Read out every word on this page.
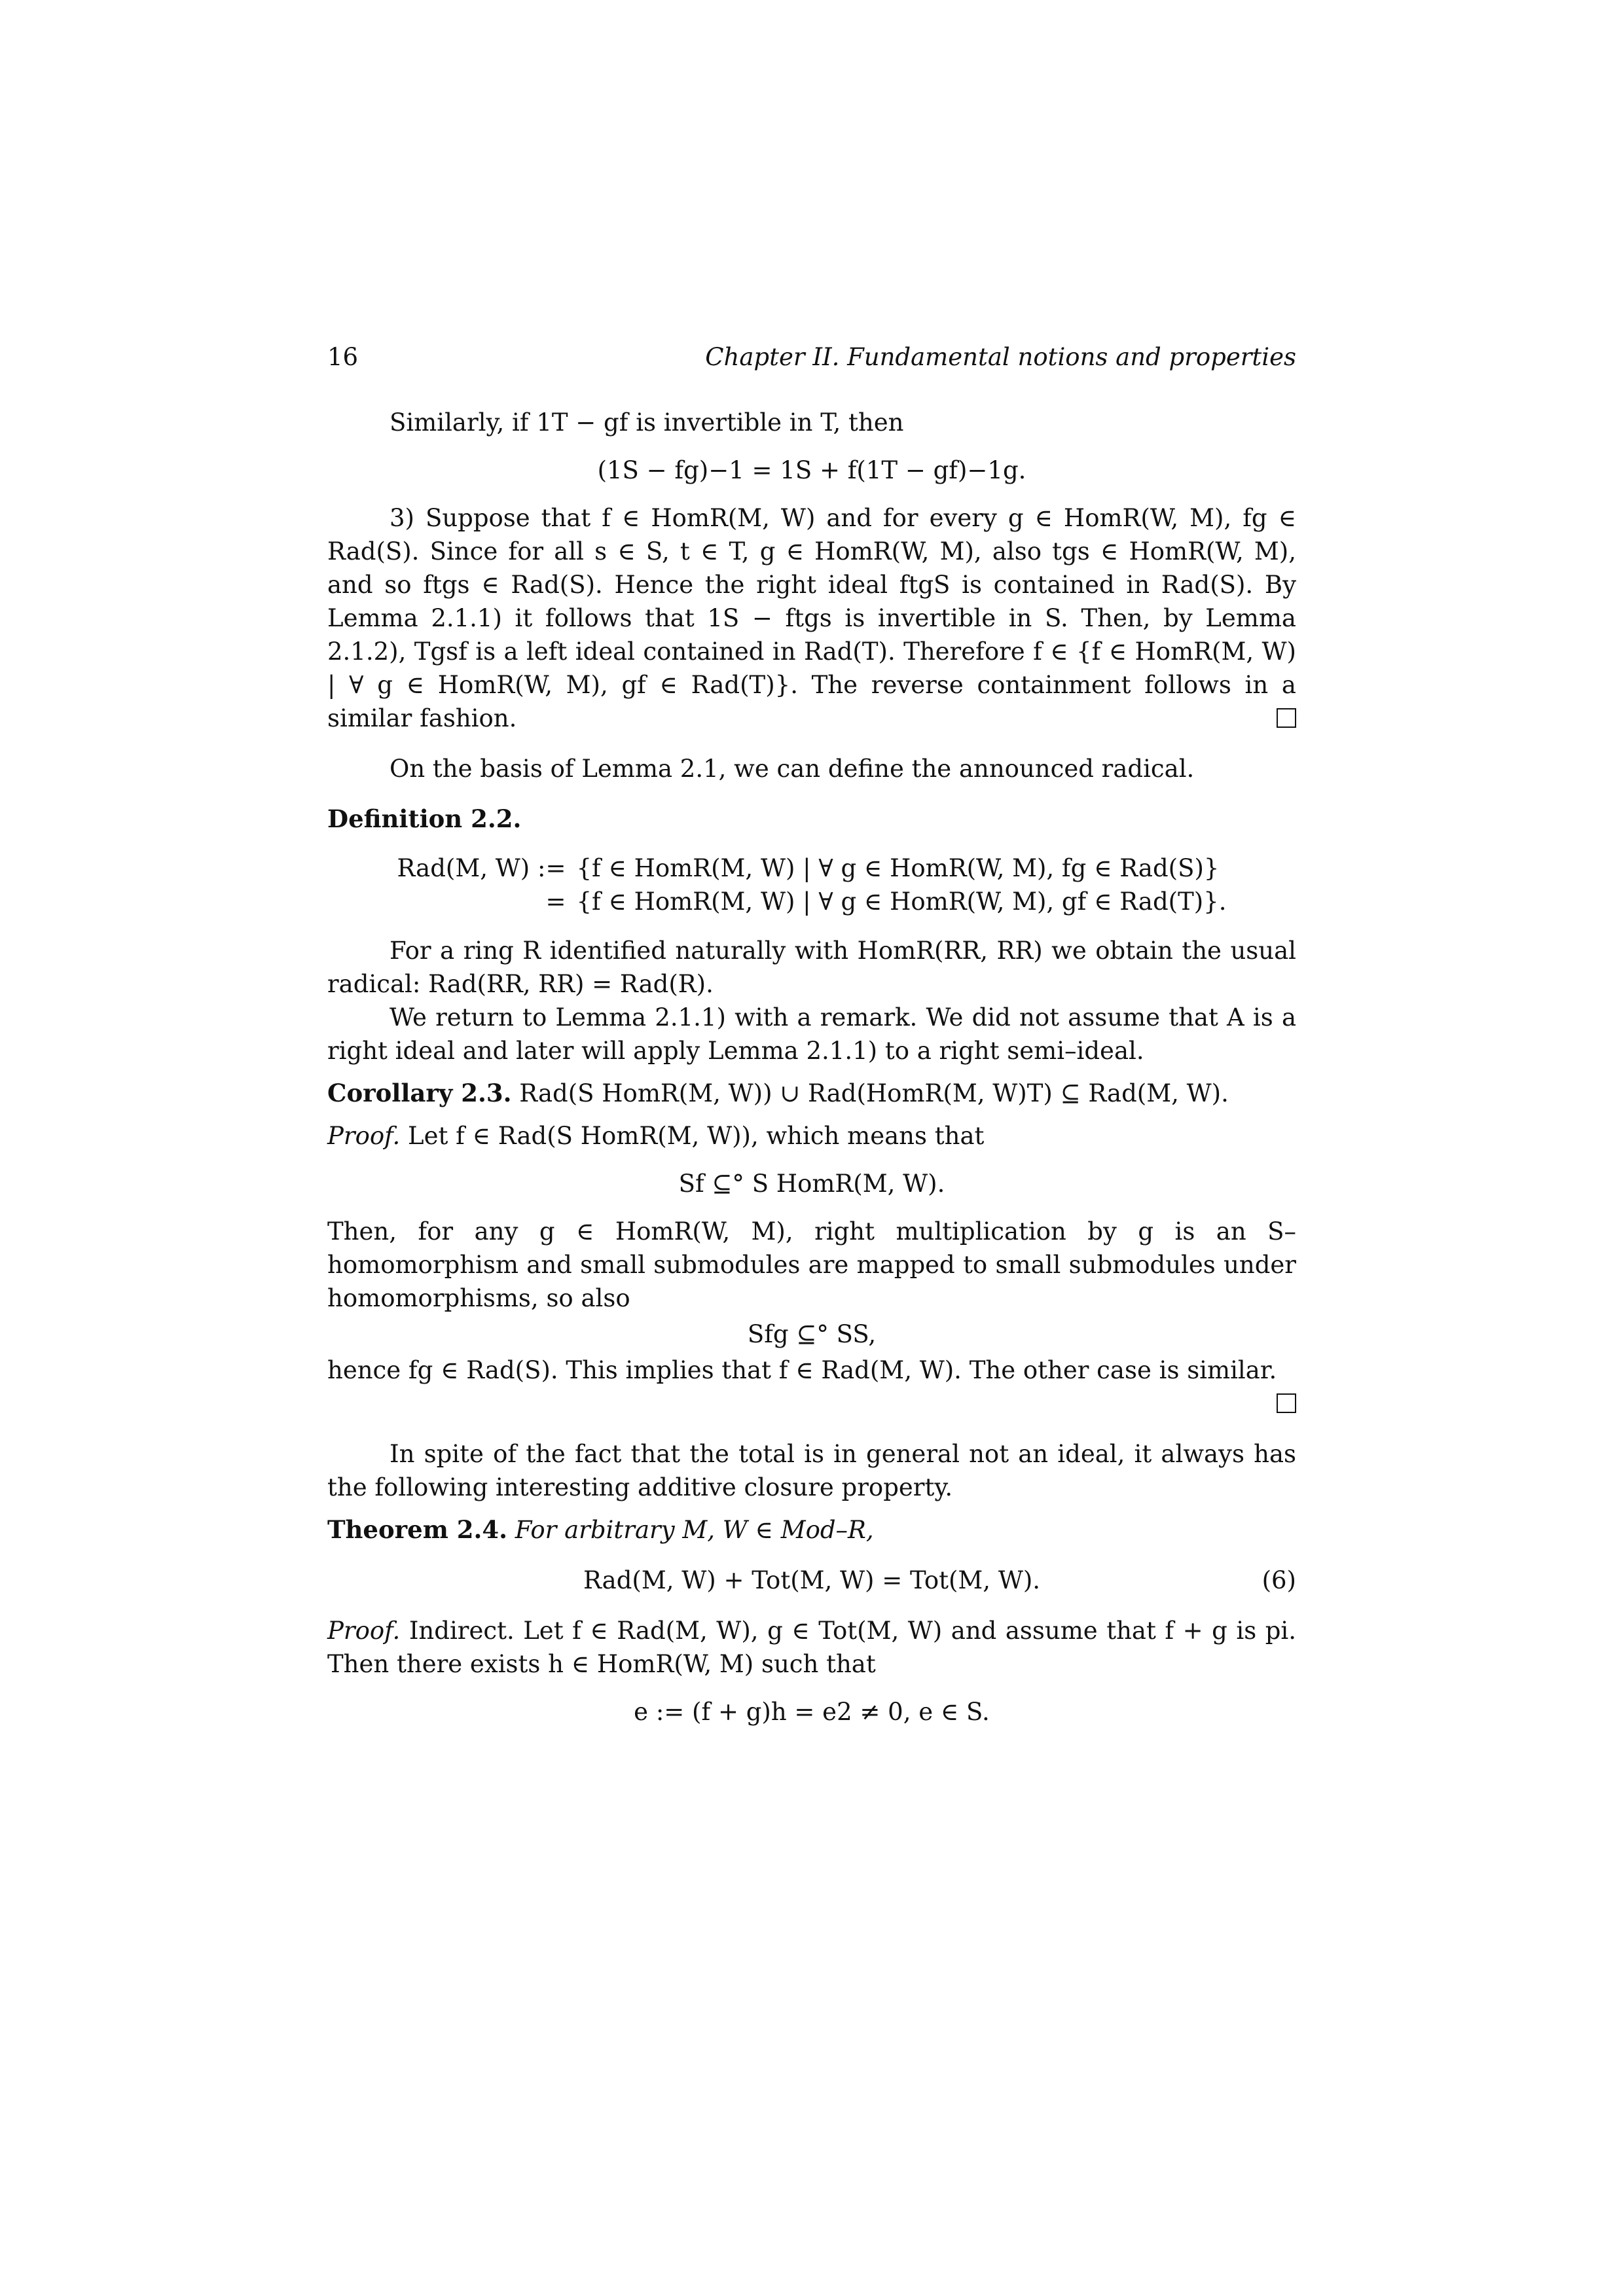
16	Chapter II. Fundamental notions and properties

Similarly, if 1T − gf is invertible in T, then

(1S − fg)−1 = 1S + f(1T − gf)−1g.

3) Suppose that f ∈ HomR(M, W) and for every g ∈ HomR(W, M), fg ∈ Rad(S). Since for all s ∈ S, t ∈ T, g ∈ HomR(W, M), also tgs ∈ HomR(W, M), and so ftgs ∈ Rad(S). Hence the right ideal ftgS is contained in Rad(S). By Lemma 2.1.1) it follows that 1S − ftgs is invertible in S. Then, by Lemma 2.1.2), Tgsf is a left ideal contained in Rad(T). Therefore f ∈ {f ∈ HomR(M, W) | ∀ g ∈ HomR(W, M), gf ∈ Rad(T)}. The reverse containment follows in a similar fashion.

On the basis of Lemma 2.1, we can define the announced radical.

Definition 2.2.

Rad(M, W) := {f ∈ HomR(M, W) | ∀ g ∈ HomR(W, M), fg ∈ Rad(S)}
= {f ∈ HomR(M, W) | ∀ g ∈ HomR(W, M), gf ∈ Rad(T)}.

For a ring R identified naturally with HomR(RR, RR) we obtain the usual radical: Rad(RR, RR) = Rad(R).

We return to Lemma 2.1.1) with a remark. We did not assume that A is a right ideal and later will apply Lemma 2.1.1) to a right semi–ideal.

Corollary 2.3. Rad(S HomR(M, W)) ∪ Rad(HomR(M, W)T) ⊆ Rad(M, W).

Proof. Let f ∈ Rad(S HomR(M, W)), which means that

Sf ⊆° S HomR(M, W).

Then, for any g ∈ HomR(W, M), right multiplication by g is an S–homomorphism and small submodules are mapped to small submodules under homomorphisms, so also

Sfg ⊆° SS,

hence fg ∈ Rad(S). This implies that f ∈ Rad(M, W). The other case is similar.

In spite of the fact that the total is in general not an ideal, it always has the following interesting additive closure property.

Theorem 2.4. For arbitrary M, W ∈ Mod–R,

Rad(M, W) + Tot(M, W) = Tot(M, W).	(6)

Proof. Indirect. Let f ∈ Rad(M, W), g ∈ Tot(M, W) and assume that f + g is pi. Then there exists h ∈ HomR(W, M) such that

e := (f + g)h = e2 ≠ 0, e ∈ S.
